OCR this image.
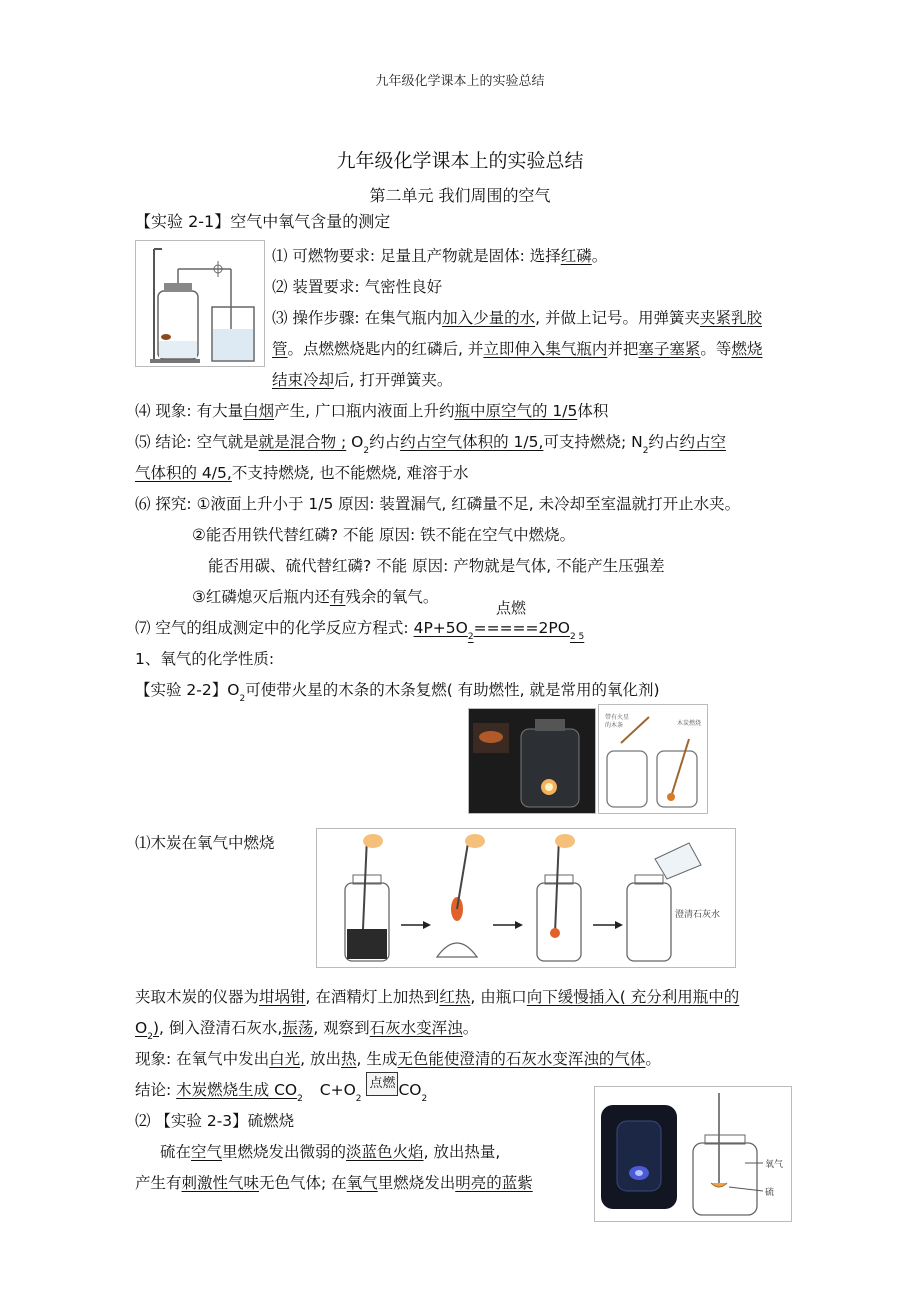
九年级化学课本上的实验总结
九年级化学课本上的实验总结
第二单元 我们周围的空气
【实验 2-1】空气中氧气含量的测定
⑴ 可燃物要求: 足量且产物就是固体: 选择红磷。
⑵ 装置要求: 气密性良好
⑶ 操作步骤: 在集气瓶内加入少量的水, 并做上记号。用弹簧夹夹紧乳胶
管。点燃燃烧匙内的红磷后, 并立即伸入集气瓶内并把塞子塞紧。等燃烧
结束冷却后, 打开弹簧夹。
⑷ 现象: 有大量白烟产生, 广口瓶内液面上升约瓶中原空气的 1/5体积
⑸ 结论: 空气就是就是混合物 ; $O_2$约占约占空气体积的 1/5,可支持燃烧; $N_2$约占约占空
气体积的 4/5,不支持燃烧, 也不能燃烧, 难溶于水
⑹ 探究: ①液面上升小于 1/5 原因: 装置漏气, 红磷量不足, 未冷却至室温就打开止水夹。
②能否用铁代替红磷? 不能 原因: 铁不能在空气中燃烧。
能否用碳、硫代替红磷? 不能 原因: 产物就是气体, 不能产生压强差
③红磷熄灭后瓶内还有残余的氧气。
点燃
⑺ 空气的组成测定中的化学反应方程式: $4P+5O_2=====2PO_{2 5}$
1、氧气的化学性质:
【实验 2-2】$O_2$可使带火星的木条的木条复燃( 有助燃性, 就是常用的氧化剂)
带有火星
的木条	木炭燃烧
⑴木炭在氧气中燃烧
澄清石灰水
夹取木炭的仪器为坩埚钳, 在酒精灯上加热到红热, 由瓶口向下缓慢插入( 充分利用瓶中的
$O_2$), 倒入澄清石灰水,振荡, 观察到石灰水变浑浊。
现象: 在氧气中发出白光, 放出热, 生成无色能使澄清的石灰水变浑浊的气体。
结论: 木炭燃烧生成 $CO_2$ $C+O_2$ 点燃 $CO_2$
⑵ 【实验 2-3】硫燃烧
硫在空气里燃烧发出微弱的淡蓝色火焰, 放出热量,
产生有刺激性气味无色气体; 在氧气里燃烧发出明亮的蓝紫
氧气
硫
